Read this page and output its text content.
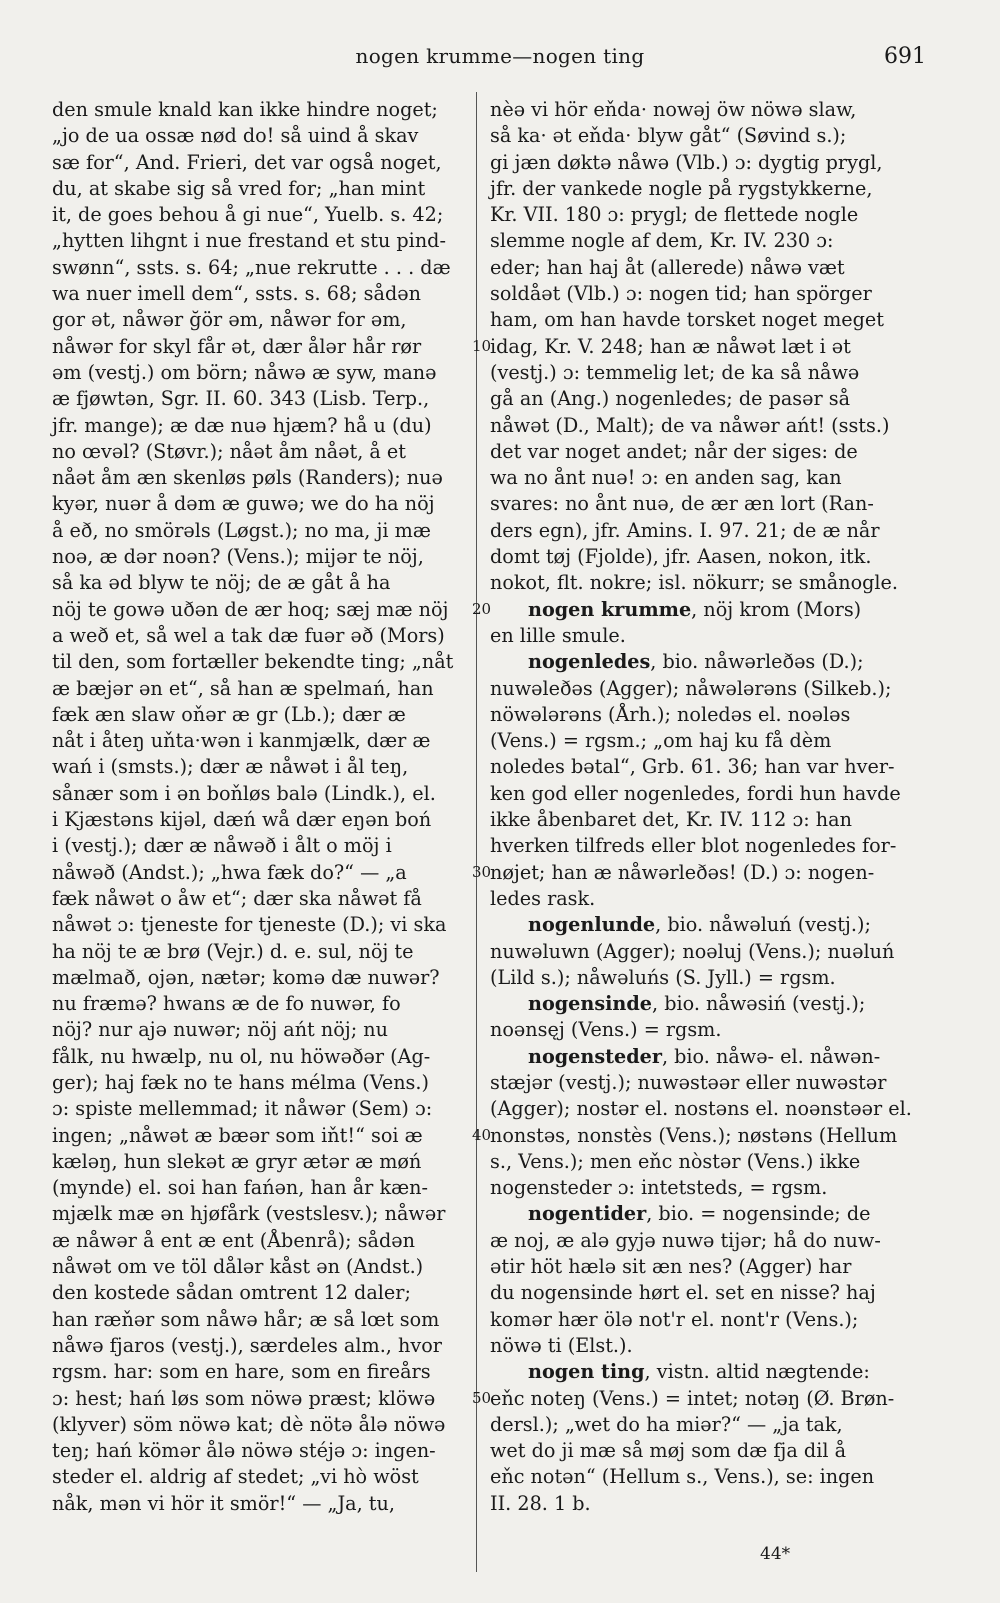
nogen krumme—nogen ting	691
den smule knald kan ikke hindre noget;
„jo de ua ossæ nød do! så uind å skav
sæ for“, And. Frieri, det var også noget,
du, at skabe sig så vred for; „han mint
it, de goes behou å gi nue“, Yuelb. s. 42;
„hytten lihgnt i nue frestand et stu pind-
swønn“, ssts. s. 64; „nue rekrutte . . . dæ
wa nuer imell dem“, ssts. s. 68; sådən
gor ət, nåwər ğör əm, nåwər for əm,
nåwər for skyl får ət, dær ålər hår rør
əm (vestj.) om börn; nåwə æ syw, manə
æ fjøwtən, Sgr. II. 60. 343 (Lisb. Terp.,
jfr. mange); æ dæ nuə hjæm? hå u (du)
no œvəl? (Støvr.); nåət åm nåət, å et
nåət åm æn skenløs pøls (Randers); nuə
kyər, nuər å dəm æ guwə; we do ha nöj
å eð, no smörəls (Løgst.); no ma, ji mæ
noə, æ dər noən? (Vens.); mijər te nöj,
så ka əd blyw te nöj; de æ gåt å ha
nöj te gowə uðən de ær hoq; sæj mæ nöj
a weð et, så wel a tak dæ fuər əð (Mors)
til den, som fortæller bekendte ting; „nåt
æ bæjər ən et“, så han æ spelmań, han
fæk æn slaw oňər æ gr (Lb.); dær æ
nåt i åteŋ uňta·wən i kanmjælk, dær æ
wań i (smsts.); dær æ nåwət i ål teŋ,
sånær som i ən boňløs balə (Lindk.), el.
i Kjæstəns kijəl, dæń wå dær eŋən boń
i (vestj.); dær æ nåwəð i ålt o möj i
nåwəð (Andst.); „hwa fæk do?“ — „a
fæk nåwət o åw et“; dær ska nåwət få
nåwət ɔ: tjeneste for tjeneste (D.); vi ska
ha nöj te æ brø (Vejr.) d. e. sul, nöj te
mælmað, ojən, nætər; komə dæ nuwər?
nu fræmə? hwans æ de fo nuwər, fo
nöj? nur ajə nuwər; nöj ańt nöj; nu
fålk, nu hwælp, nu ol, nu höwəðər (Ag-
ger); haj fæk no te hans mélma (Vens.)
ɔ: spiste mellemmad; it nåwər (Sem) ɔ:
ingen; „nåwət æ bæər som iňt!“ soi æ
kæləŋ, hun slekət æ gryr ætər æ møń
(mynde) el. soi han fańən, han år kæn-
mjælk mæ ən hjøfårk (vestslesv.); nåwər
æ nåwər å ent æ ent (Åbenrå); sådən
nåwət om ve töl dålər kåst ən (Andst.)
den kostede sådan omtrent 12 daler;
han ræňər som nåwə hår; æ så lœt som
nåwə fjaros (vestj.), særdeles alm., hvor
rgsm. har: som en hare, som en fireårs
ɔ: hest; hań løs som nöwə præst; klöwə
(klyver) söm nöwə kat; dè nötə ålə nöwə
teŋ; hań kömər ålə nöwə stéjə ɔ: ingen-
steder el. aldrig af stedet; „vi hò wöst
nåk, mən vi hör it smör!“ — „Ja, tu,
10
20
30
40
50
nèə vi hör eňda· nowəj öw nöwə slaw,
så ka· ət eňda· blyw gåt“ (Søvind s.);
gi jæn døktə nåwə (Vlb.) ɔ: dygtig prygl,
jfr. der vankede nogle på rygstykkerne,
Kr. VII. 180 ɔ: prygl; de flettede nogle
slemme nogle af dem, Kr. IV. 230 ɔ:
eder; han haj åt (allerede) nåwə væt
soldåət (Vlb.) ɔ: nogen tid; han spörger
ham, om han havde torsket noget meget
idag, Kr. V. 248; han æ nåwət læt i ət
(vestj.) ɔ: temmelig let; de ka så nåwə
gå an (Ang.) nogenledes; de pasər så
nåwət (D., Malt); de va nåwər ańt! (ssts.)
det var noget andet; når der siges: de
wa no ånt nuə! ɔ: en anden sag, kan
svares: no ånt nuə, de ær æn lort (Ran-
ders egn), jfr. Amins. I. 97. 21; de æ når
domt tøj (Fjolde), jfr. Aasen, nokon, itk.
nokot, flt. nokre; isl. nökurr; se smånogle.
nogen krumme, nöj krom (Mors)
en lille smule.
nogenledes, bio. nåwərleðəs (D.);
nuwəleðəs (Agger); nåwələrəns (Silkeb.);
nöwələrəns (Årh.); noledəs el. noələs
(Vens.) = rgsm.; „om haj ku få dèm
noledes bətal“, Grb. 61. 36; han var hver-
ken god eller nogenledes, fordi hun havde
ikke åbenbaret det, Kr. IV. 112 ɔ: han
hverken tilfreds eller blot nogenledes for-
nøjet; han æ nåwərleðəs! (D.) ɔ: nogen-
ledes rask.
nogenlunde, bio. nåwəluń (vestj.);
nuwəluwn (Agger); noəluj (Vens.); nuəluń
(Lild s.); nåwəluńs (S. Jyll.) = rgsm.
nogensinde, bio. nåwəsiń (vestj.);
noənsęj (Vens.) = rgsm.
nogensteder, bio. nåwə- el. nåwən-
stæjər (vestj.); nuwəstəər eller nuwəstər
(Agger); nostər el. nostəns el. noənstəər el.
nonstəs, nonstès (Vens.); nøstəns (Hellum
s., Vens.); men eňc nòstər (Vens.) ikke
nogensteder ɔ: intetsteds, = rgsm.
nogentider, bio. = nogensinde; de
æ noj, æ alə gyjə nuwə tijər; hå do nuw-
ətir höt hælə sit æn nes? (Agger) har
du nogensinde hørt el. set en nisse? haj
komər hær ölə not'r el. nont'r (Vens.);
nöwə ti (Elst.).
nogen ting, vistn. altid nægtende:
eňc noteŋ (Vens.) = intet; notəŋ (Ø. Brøn-
dersl.); „wet do ha miər?“ — „ja tak,
wet do ji mæ så møj som dæ fja dil å
eňc notən“ (Hellum s., Vens.), se: ingen
II. 28. 1 b.
44*
